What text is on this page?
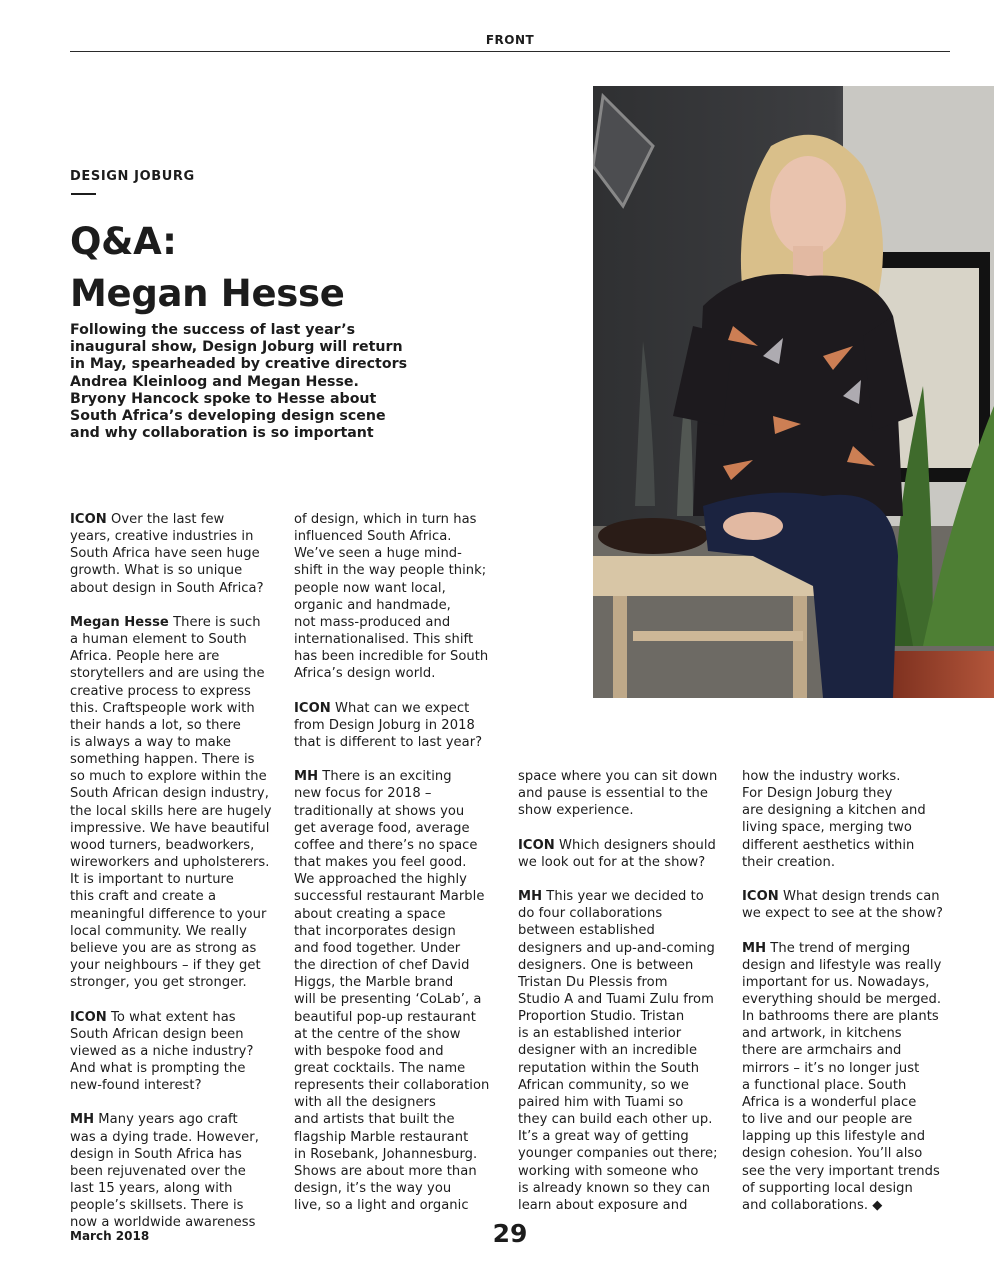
FRONT
DESIGN JOBURG
Q&A:
Megan Hesse

Following the success of last year’s inaugural show, Design Joburg will return in May, spearheaded by creative directors Andrea Kleinloog and Megan Hesse. Bryony Hancock spoke to Hesse about South Africa’s developing design scene and why collaboration is so important

ICON Over the last few
years, creative industries in
South Africa have seen huge
growth. What is so unique
about design in South Africa?

Megan Hesse There is such
a human element to South
Africa. People here are
storytellers and are using the
creative process to express
this. Craftspeople work with
their hands a lot, so there
is always a way to make
something happen. There is
so much to explore within the
South African design industry,
the local skills here are hugely
impressive. We have beautiful
wood turners, beadworkers,
wireworkers and upholsterers.
It is important to nurture
this craft and create a
meaningful difference to your
local community. We really
believe you are as strong as
your neighbours – if they get
stronger, you get stronger.

ICON To what extent has
South African design been
viewed as a niche industry?
And what is prompting the
new-found interest?

MH Many years ago craft
was a dying trade. However,
design in South Africa has
been rejuvenated over the
last 15 years, along with
people’s skillsets. There is
now a worldwide awareness

of design, which in turn has
influenced South Africa.
We’ve seen a huge mind-
shift in the way people think;
people now want local,
organic and handmade,
not mass-produced and
internationalised. This shift
has been incredible for South
Africa’s design world.

ICON What can we expect
from Design Joburg in 2018
that is different to last year?

MH There is an exciting
new focus for 2018 –
traditionally at shows you
get average food, average
coffee and there’s no space
that makes you feel good.
We approached the highly
successful restaurant Marble
about creating a space
that incorporates design
and food together. Under
the direction of chef David
Higgs, the Marble brand
will be presenting ‘CoLab’, a
beautiful pop-up restaurant
at the centre of the show
with bespoke food and
great cocktails. The name
represents their collaboration
with all the designers
and artists that built the
flagship Marble restaurant
in Rosebank, Johannesburg.
Shows are about more than
design, it’s the way you
live, so a light and organic

space where you can sit down
and pause is essential to the
show experience.

ICON Which designers should
we look out for at the show?

MH This year we decided to
do four collaborations
between established
designers and up-and-coming
designers. One is between
Tristan Du Plessis from
Studio A and Tuami Zulu from
Proportion Studio. Tristan
is an established interior
designer with an incredible
reputation within the South
African community, so we
paired him with Tuami so
they can build each other up.
It’s a great way of getting
younger companies out there;
working with someone who
is already known so they can
learn about exposure and

how the industry works.
For Design Joburg they
are designing a kitchen and
living space, merging two
different aesthetics within
their creation.

ICON What design trends can
we expect to see at the show?

MH The trend of merging
design and lifestyle was really
important for us. Nowadays,
everything should be merged.
In bathrooms there are plants
and artwork, in kitchens
there are armchairs and
mirrors – it’s no longer just
a functional place. South
Africa is a wonderful place
to live and our people are
lapping up this lifestyle and
design cohesion. You’ll also
see the very important trends
of supporting local design
and collaborations. ◆

March 2018	29
